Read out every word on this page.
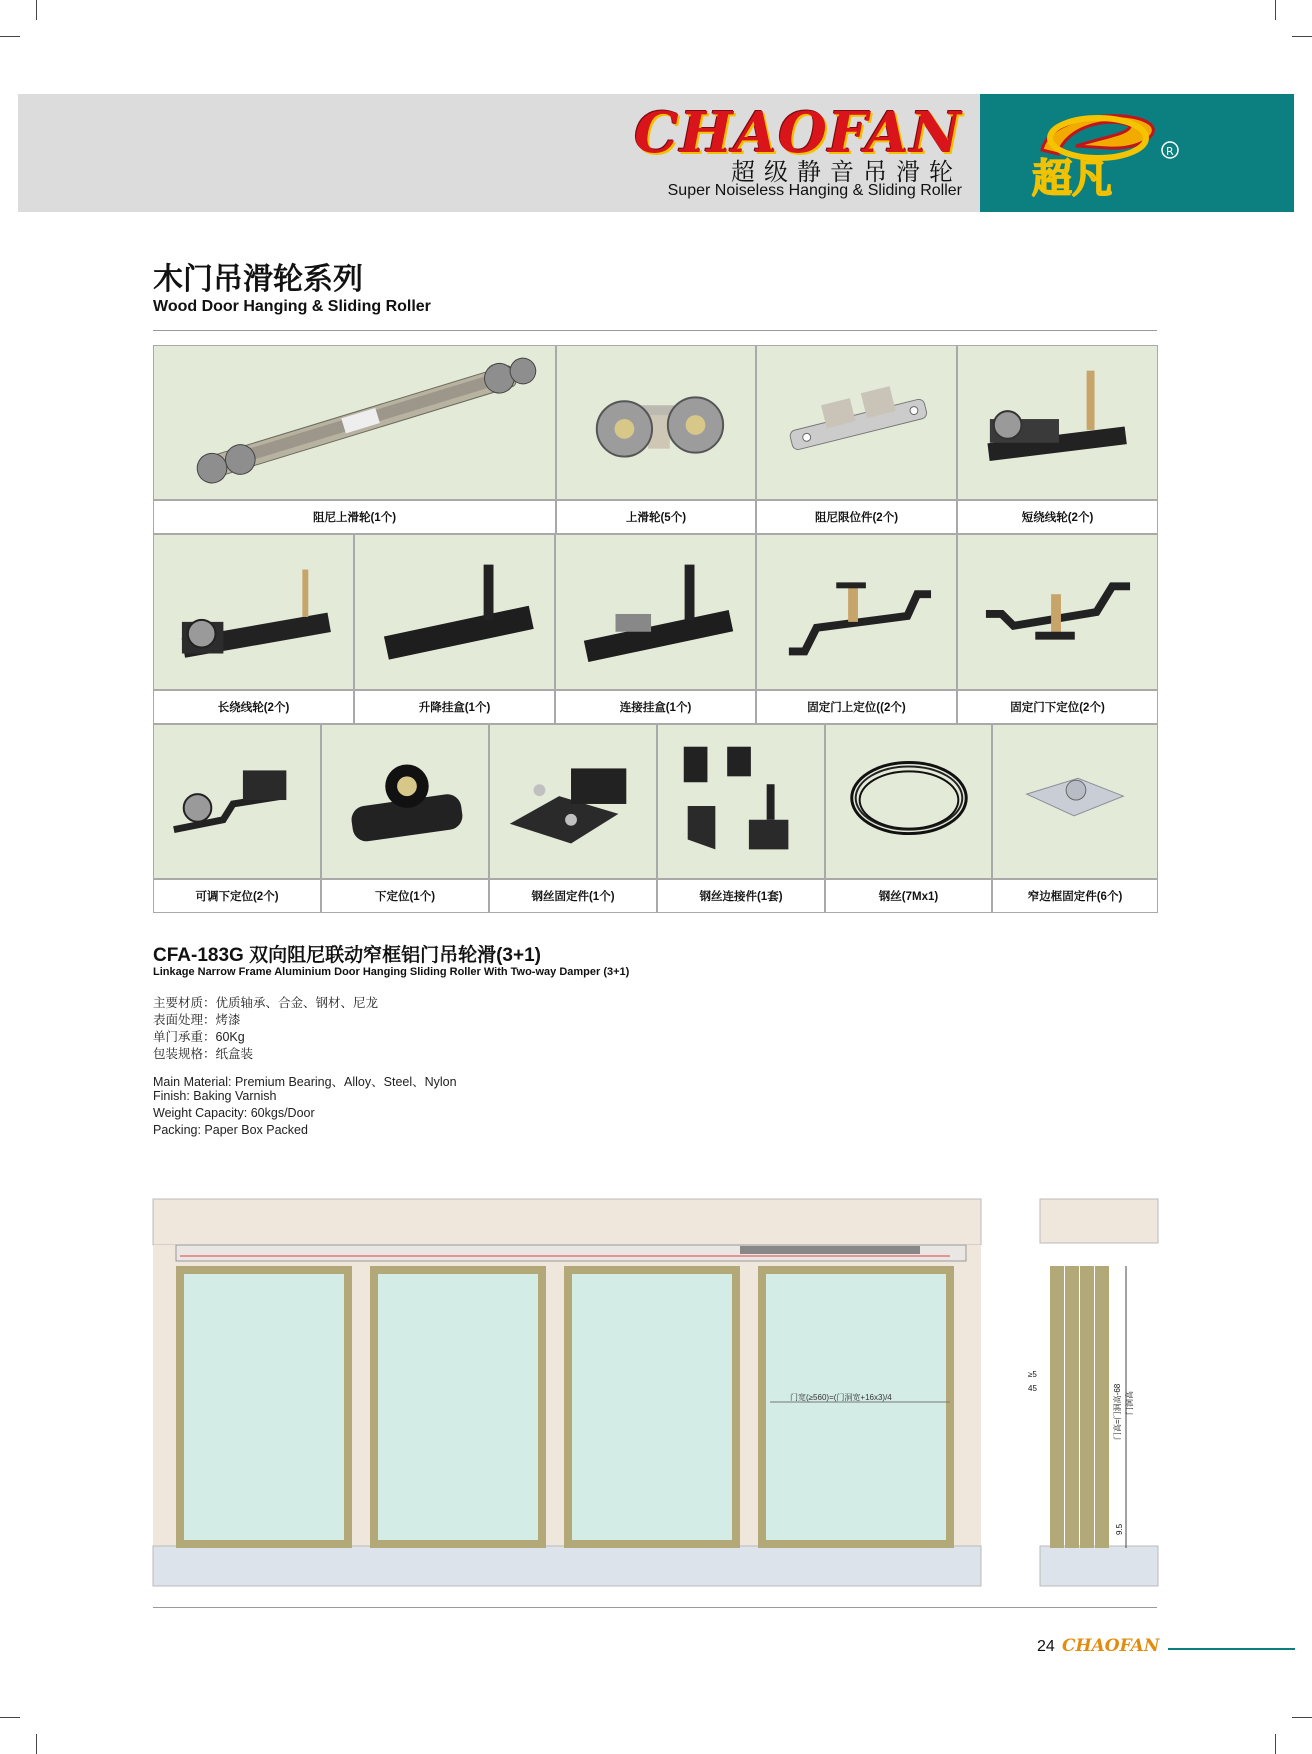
超凡
R
CHAOFAN
超级静音吊滑轮
Super Noiseless Hanging & Sliding Roller
木门吊滑轮系列
Wood Door Hanging & Sliding Roller
阻尼上滑轮(1个)	上滑轮(5个)	阻尼限位件(2个)	短绕线轮(2个)
长绕线轮(2个)	升降挂盒(1个)	连接挂盒(1个)	固定门上定位((2个)	固定门下定位(2个)
可调下定位(2个)	下定位(1个)	钢丝固定件(1个)	钢丝连接件(1套)	钢丝(7Mx1)	窄边框固定件(6个)
CFA-183G 双向阻尼联动窄框铝门吊轮滑(3+1)
Linkage Narrow Frame Aluminium Door Hanging Sliding Roller With Two-way Damper (3+1)
主要材质：优质轴承、合金、钢材、尼龙
表面处理：烤漆
单门承重：60Kg
包装规格：纸盒装
Main Material: Premium Bearing、Alloy、Steel、Nylon
Finish: Baking Varnish
Weight Capacity: 60kgs/Door
Packing: Paper Box Packed
门宽(≥560)=(门洞宽+16x3)/4
≥5
45	门高=门洞高-68 门洞高
9.5
24 CHAOFAN
